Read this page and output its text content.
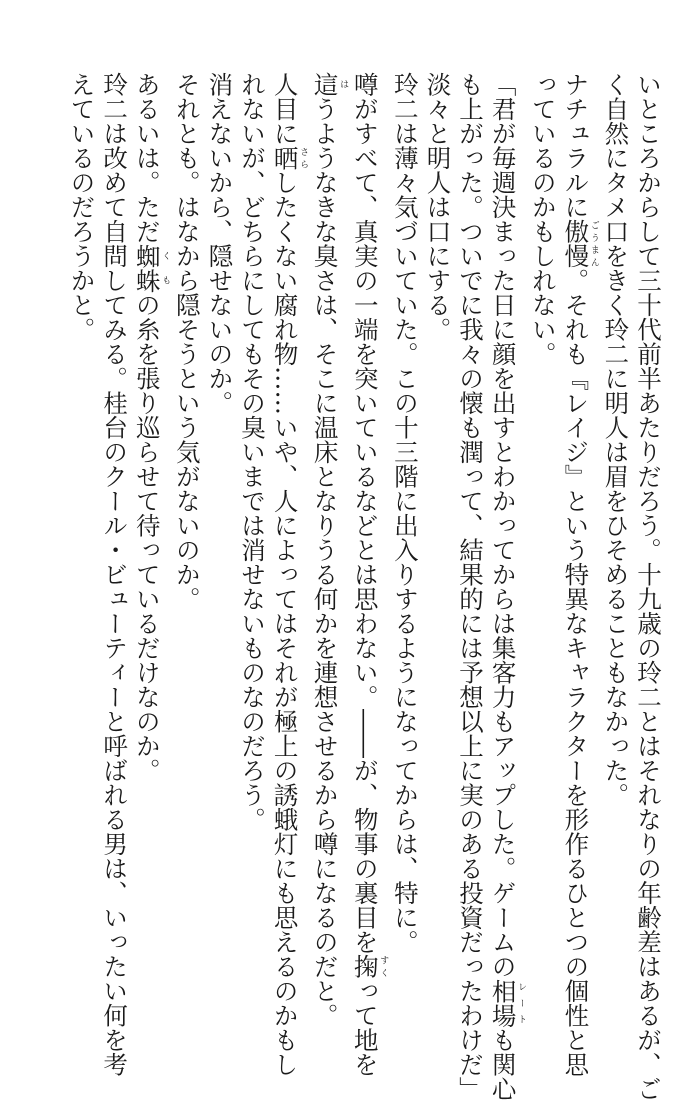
いところからして三十代前半あたりだろう。十九歳の玲二とはそれなりの年齢差はあるが、ご
く自然にタメ口をきく玲二に明人は眉をひそめることもなかった。
ナチュラルに傲慢ごうまん。それも『レイジ』という特異なキャラクターを形作るひとつの個性と思
っているのかもしれない。
「君が毎週決まった日に顔を出すとわかってからは集客力もアップした。ゲームの相場レートも関心
も上がった。ついでに我々の懐も潤って、結果的には予想以上に実のある投資だったわけだ」
淡々と明人は口にする。
玲二は薄々気づいていた。この十三階に出入りするようになってからは、特に。
噂がすべて、真実の一端を突いているなどとは思わない。――が、物事の裏目を掬すくって地を
這はうようなきな臭さは、そこに温床となりうる何かを連想させるから噂になるのだと。
人目に晒さらしたくない腐れ物……いや、人によってはそれが極上の誘蛾灯にも思えるのかもし
れないが、どちらにしてもその臭いまでは消せないものなのだろう。
消えないから、隠せないのか。
それとも。はなから隠そうという気がないのか。
あるいは。ただ蜘蛛くもの糸を張り巡らせて待っているだけなのか。
玲二は改めて自問してみる。桂台のクール・ビューティーと呼ばれる男は、いったい何を考
えているのだろうかと。
